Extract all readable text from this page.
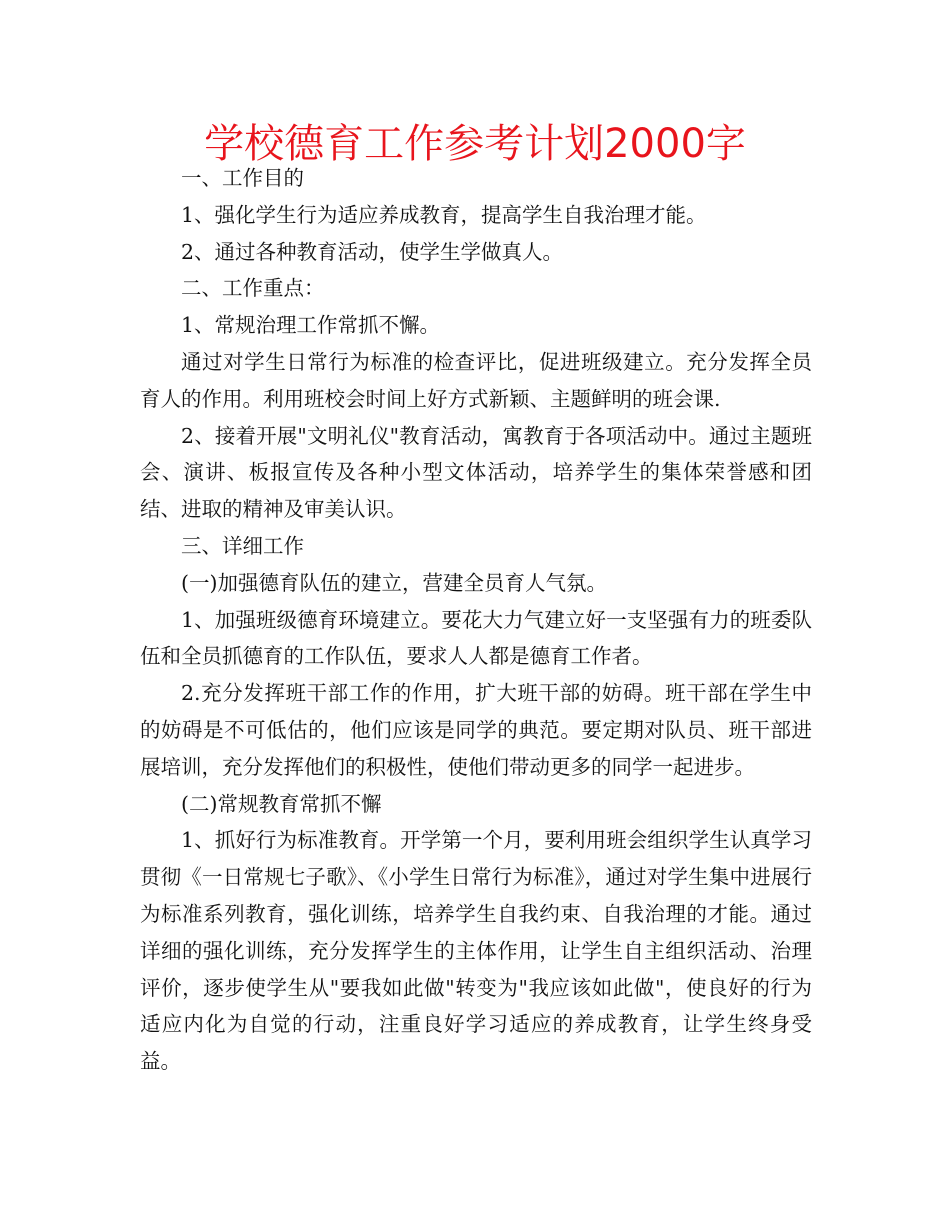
学校德育工作参考计划2000字

一、工作目的

1、强化学生行为适应养成教育，提高学生自我治理才能。

2、通过各种教育活动，使学生学做真人。

二、工作重点：

1、常规治理工作常抓不懈。

通过对学生日常行为标准的检查评比，促进班级建立。充分发挥全员育人的作用。利用班校会时间上好方式新颖、主题鲜明的班会课.

2、接着开展"文明礼仪"教育活动，寓教育于各项活动中。通过主题班会、演讲、板报宣传及各种小型文体活动，培养学生的集体荣誉感和团结、进取的精神及审美认识。

三、详细工作

(一)加强德育队伍的建立，营建全员育人气氛。

1、加强班级德育环境建立。要花大力气建立好一支坚强有力的班委队伍和全员抓德育的工作队伍，要求人人都是德育工作者。

2.充分发挥班干部工作的作用，扩大班干部的妨碍。班干部在学生中的妨碍是不可低估的，他们应该是同学的典范。要定期对队员、班干部进展培训，充分发挥他们的积极性，使他们带动更多的同学一起进步。

(二)常规教育常抓不懈

1、抓好行为标准教育。开学第一个月，要利用班会组织学生认真学习贯彻《一日常规七子歌》、《小学生日常行为标准》，通过对学生集中进展行为标准系列教育，强化训练，培养学生自我约束、自我治理的才能。通过详细的强化训练，充分发挥学生的主体作用，让学生自主组织活动、治理评价，逐步使学生从"要我如此做"转变为"我应该如此做"，使良好的行为适应内化为自觉的行动，注重良好学习适应的养成教育，让学生终身受益。
